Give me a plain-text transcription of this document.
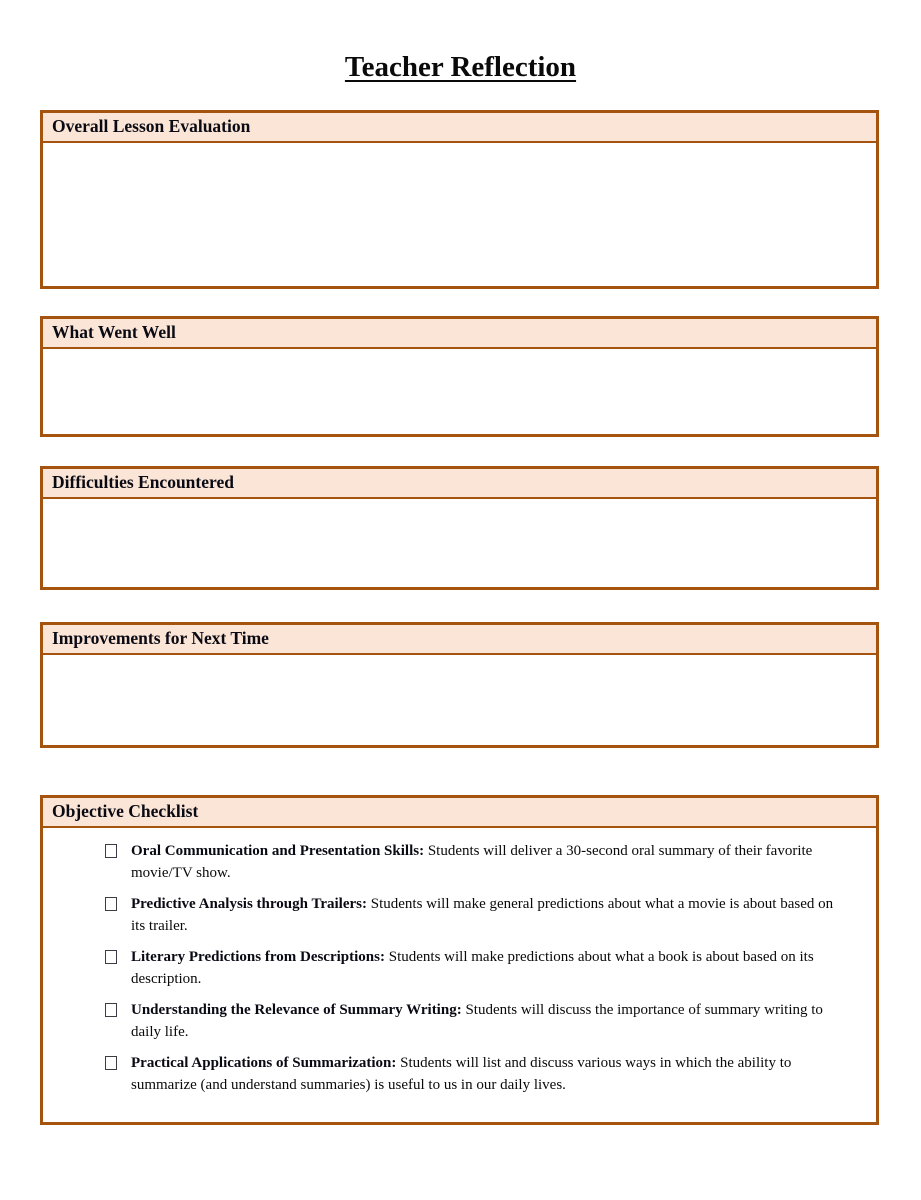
Teacher Reflection
Overall Lesson Evaluation
What Went Well
Difficulties Encountered
Improvements for Next Time
Objective Checklist
Oral Communication and Presentation Skills: Students will deliver a 30-second oral summary of their favorite movie/TV show.
Predictive Analysis through Trailers: Students will make general predictions about what a movie is about based on its trailer.
Literary Predictions from Descriptions: Students will make predictions about what a book is about based on its description.
Understanding the Relevance of Summary Writing: Students will discuss the importance of summary writing to daily life.
Practical Applications of Summarization: Students will list and discuss various ways in which the ability to summarize (and understand summaries) is useful to us in our daily lives.
